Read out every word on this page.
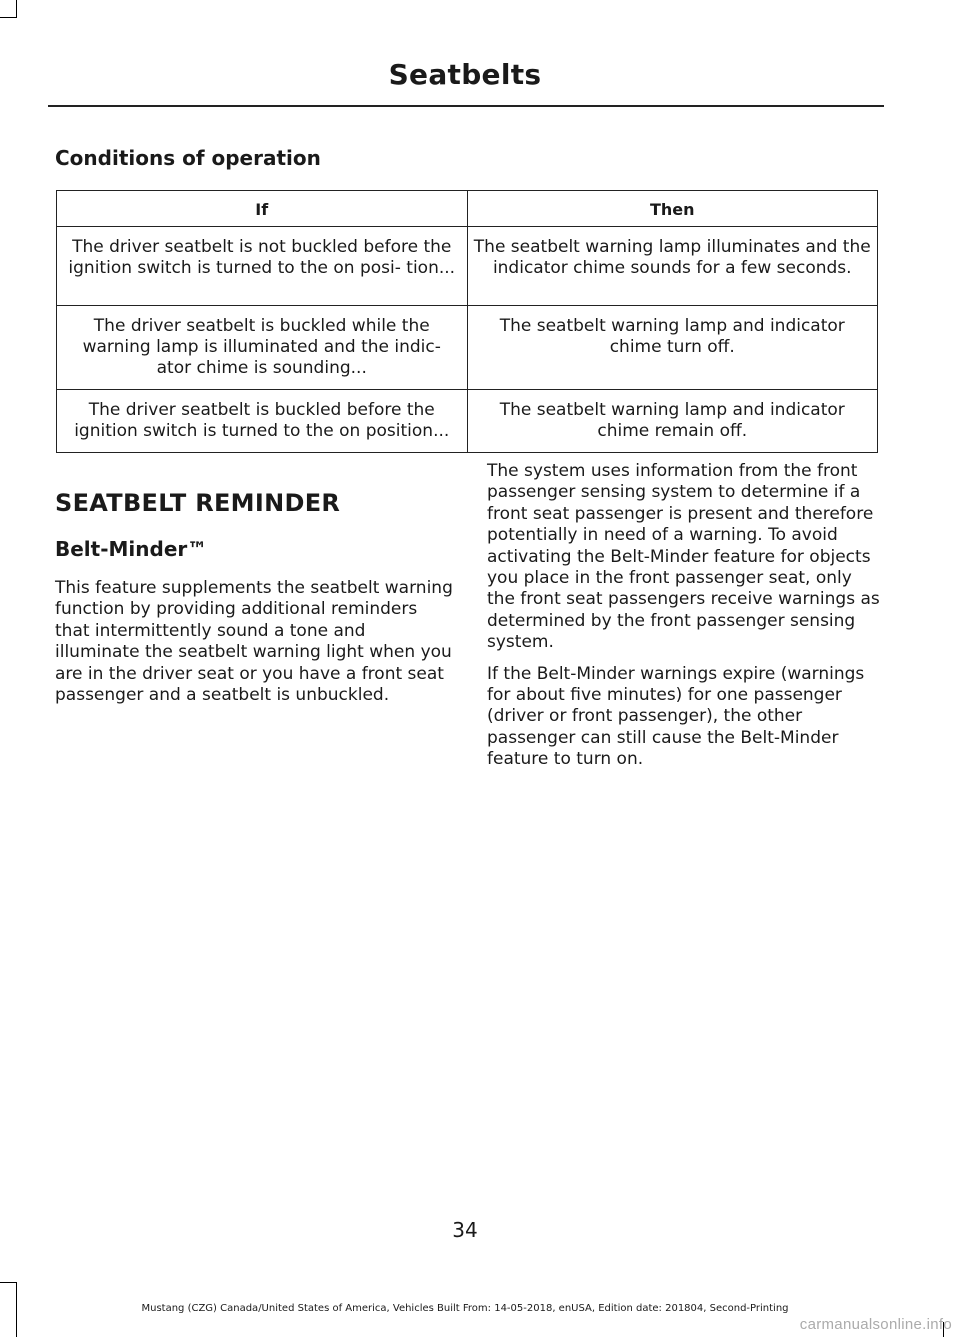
Seatbelts
Conditions of operation
If	Then
The driver seatbelt is not buckled before the ignition switch is turned to the on posi- tion...	The seatbelt warning lamp illuminates and the indicator chime sounds for a few seconds.
The driver seatbelt is buckled while the warning lamp is illuminated and the indic- ator chime is sounding...	The seatbelt warning lamp and indicator chime turn off.
The driver seatbelt is buckled before the ignition switch is turned to the on position...	The seatbelt warning lamp and indicator chime remain off.
SEATBELT REMINDER
Belt-Minder™

This feature supplements the seatbelt warning function by providing additional reminders that intermittently sound a tone and illuminate the seatbelt warning light when you are in the driver seat or you have a front seat passenger and a seatbelt is unbuckled.

The system uses information from the front passenger sensing system to determine if a front seat passenger is present and therefore potentially in need of a warning. To avoid activating the Belt-Minder feature for objects you place in the front passenger seat, only the front seat passengers receive warnings as determined by the front passenger sensing system.

If the Belt-Minder warnings expire (warnings for about five minutes) for one passenger (driver or front passenger), the other passenger can still cause the Belt-Minder feature to turn on.

34
Mustang (CZG) Canada/United States of America, Vehicles Built From: 14-05-2018, enUSA, Edition date: 201804, Second-Printing
carmanualsonline.info
